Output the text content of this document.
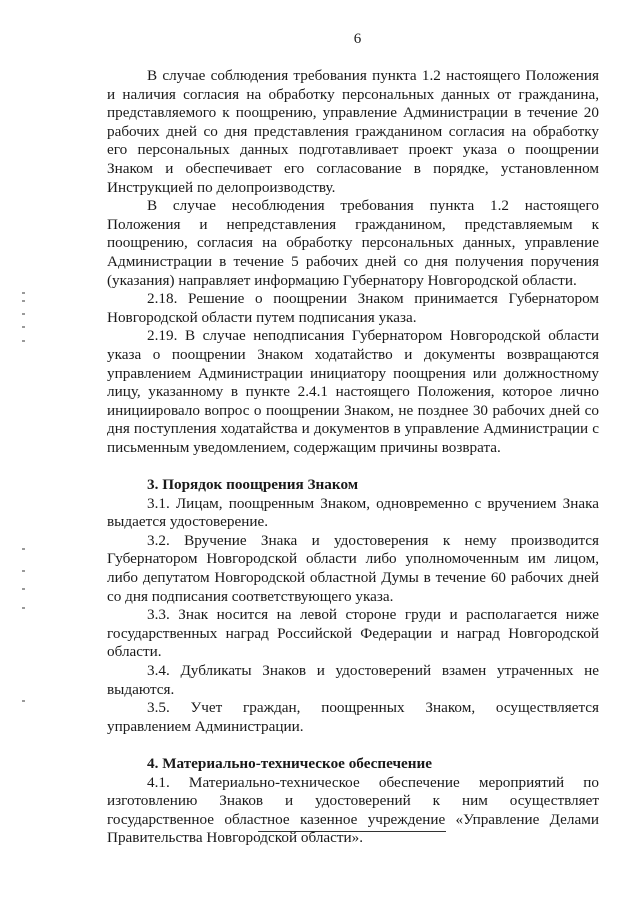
6

В случае соблюдения требования пункта 1.2 настоящего Положения и наличия согласия на обработку персональных данных от гражданина, представляемого к поощрению, управление Администрации в течение 20 рабочих дней со дня представления гражданином согласия на обработку его персональных данных подготавливает проект указа о поощрении Знаком и обеспечивает его согласование в порядке, установленном Инструкцией по делопроизводству.

В случае несоблюдения требования пункта 1.2 настоящего Положения и непредставления гражданином, представляемым к поощрению, согласия на обработку персональных данных, управление Администрации в течение 5 рабочих дней со дня получения поручения (указания) направляет информацию Губернатору Новгородской области.

2.18. Решение о поощрении Знаком принимается Губернатором Новгородской области путем подписания указа.

2.19. В случае неподписания Губернатором Новгородской области указа о поощрении Знаком ходатайство и документы возвращаются управлением Администрации инициатору поощрения или должностному лицу, указанному в пункте 2.4.1 настоящего Положения, которое лично инициировало вопрос о поощрении Знаком, не позднее 30 рабочих дней со дня поступления ходатайства и документов в управление Администрации с письменным уведомлением, содержащим причины возврата.

3. Порядок поощрения Знаком

3.1. Лицам, поощренным Знаком, одновременно с вручением Знака выдается удостоверение.

3.2. Вручение Знака и удостоверения к нему производится Губернатором Новгородской области либо уполномоченным им лицом, либо депутатом Новгородской областной Думы в течение 60 рабочих дней со дня подписания соответствующего указа.

3.3. Знак носится на левой стороне груди и располагается ниже государственных наград Российской Федерации и наград Новгородской области.

3.4. Дубликаты Знаков и удостоверений взамен утраченных не выдаются.

3.5. Учет граждан, поощренных Знаком, осуществляется управлением Администрации.

4. Материально-техническое обеспечение

4.1. Материально-техническое обеспечение мероприятий по изготовлению Знаков и удостоверений к ним осуществляет государственное областное казенное учреждение «Управление Делами Правительства Новгородской области».
